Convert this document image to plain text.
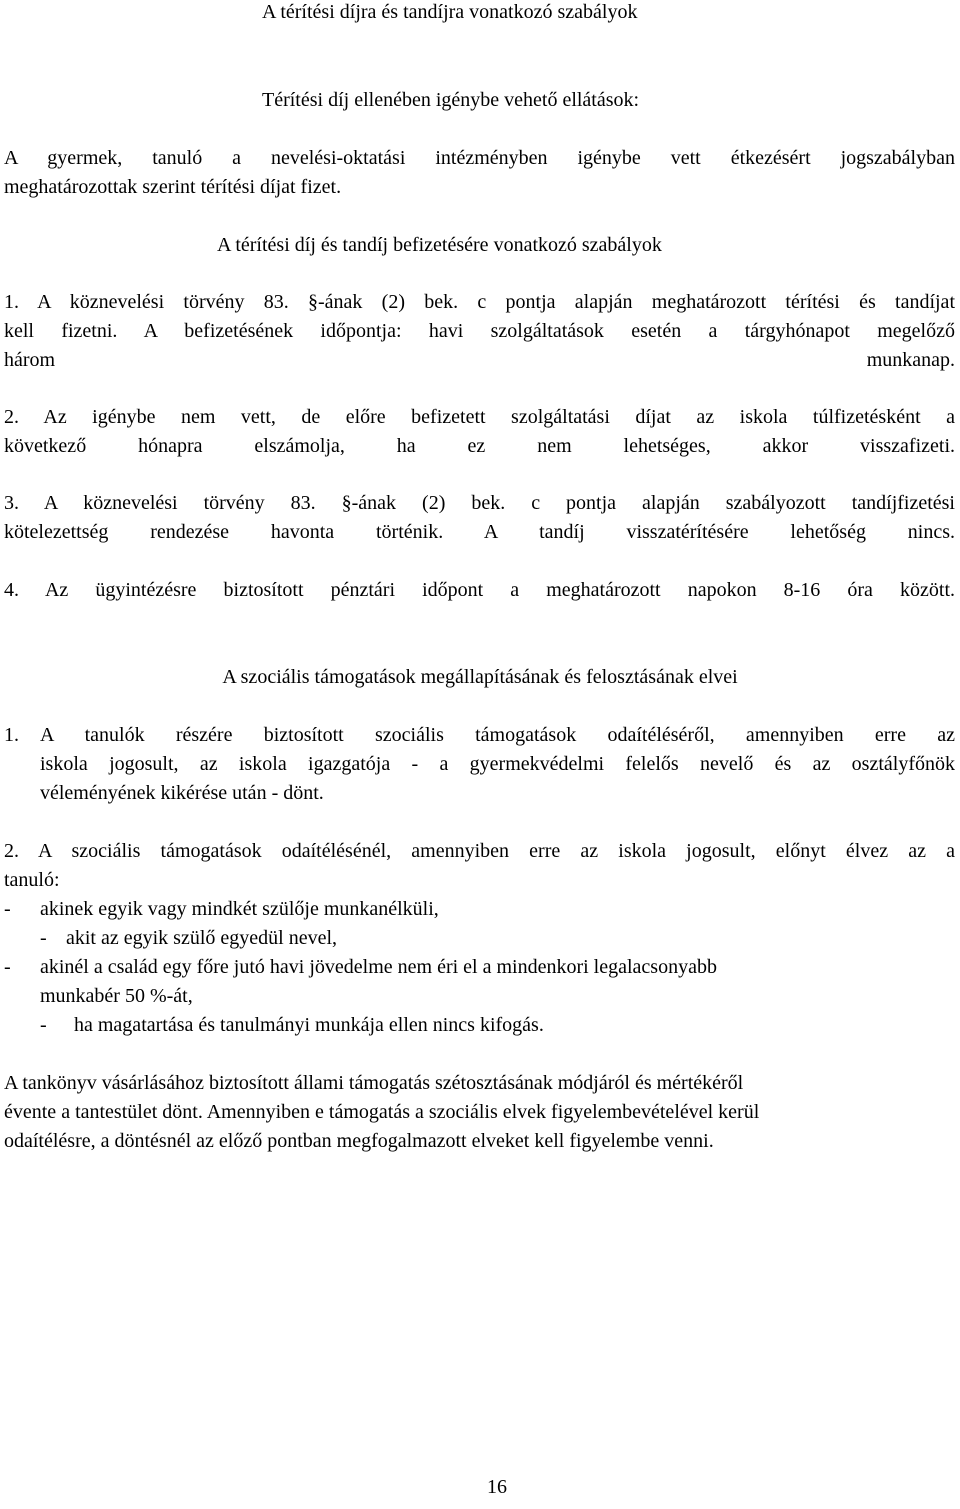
A térítési díjra és tandíjra vonatkozó szabályok
Térítési díj ellenében igénybe vehető ellátások:
A gyermek, tanuló a nevelési-oktatási intézményben igénybe vett étkezésért jogszabályban
meghatározottak szerint térítési díjat fizet.
A térítési díj és tandíj befizetésére vonatkozó szabályok
1. A köznevelési törvény 83. §-ának (2) bek. c pontja alapján meghatározott térítési és tandíjat
kell fizetni. A befizetésének időpontja: havi szolgáltatások esetén a tárgyhónapot megelőző
három	munkanap.
2. Az igénybe nem vett, de előre befizetett szolgáltatási díjat az iskola túlfizetésként a
következő hónapra elszámolja, ha ez nem lehetséges, akkor visszafizeti.
3. A köznevelési törvény 83. §-ának (2) bek. c pontja alapján szabályozott tandíjfizetési
kötelezettség rendezése havonta történik. A tandíj visszatérítésére lehetőség nincs.
4. Az ügyintézésre biztosított pénztári időpont a meghatározott napokon 8-16 óra között.
A szociális támogatások megállapításának és felosztásának elvei
1. A tanulók részére biztosított szociális támogatások odaítéléséről, amennyiben erre az
iskola jogosult, az iskola igazgatója - a gyermekvédelmi felelős nevelő és az osztályfőnök
véleményének kikérése után - dönt.
2. A szociális támogatások odaítélésénél, amennyiben erre az iskola jogosult, előnyt élvez az a
tanuló:
- akinek egyik vagy mindkét szülője munkanélküli,
- akit az egyik szülő egyedül nevel,
- akinél a család egy főre jutó havi jövedelme nem éri el a mindenkori legalacsonyabb
munkabér 50 %-át,
- ha magatartása és tanulmányi munkája ellen nincs kifogás.
A tankönyv vásárlásához biztosított állami támogatás szétosztásának módjáról és mértékéről
évente a tantestület dönt. Amennyiben e támogatás a szociális elvek figyelembevételével kerül
odaítélésre, a döntésnél az előző pontban megfogalmazott elveket kell figyelembe venni.
16
